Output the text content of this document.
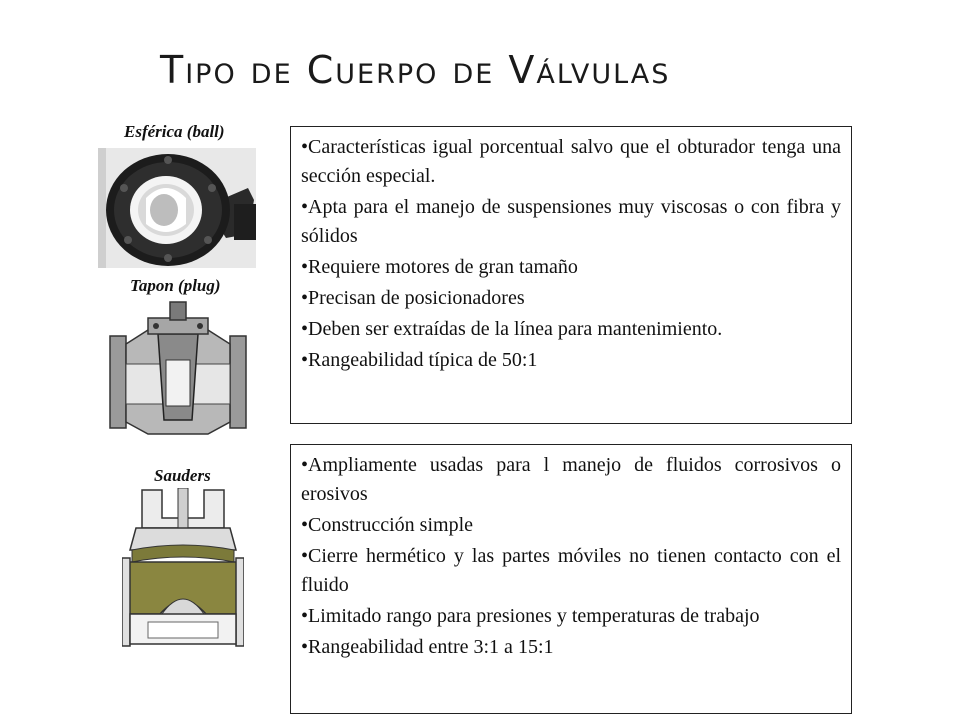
Tipo de Cuerpo de Válvulas
Esférica (ball)
Tapon (plug)
Sauders
• Características igual porcentual salvo que el obturador tenga una sección especial.
• Apta para el manejo de suspensiones muy viscosas o con fibra y sólidos
• Requiere motores de gran tamaño
• Precisan de posicionadores
• Deben ser extraídas de la línea para mantenimiento.
• Rangeabilidad típica de 50:1
• Ampliamente usadas para l manejo de fluidos corrosivos o erosivos
• Construcción simple
• Cierre hermético y las partes móviles no tienen contacto con el fluido
• Limitado rango para presiones y temperaturas de trabajo
• Rangeabilidad entre 3:1 a 15:1
